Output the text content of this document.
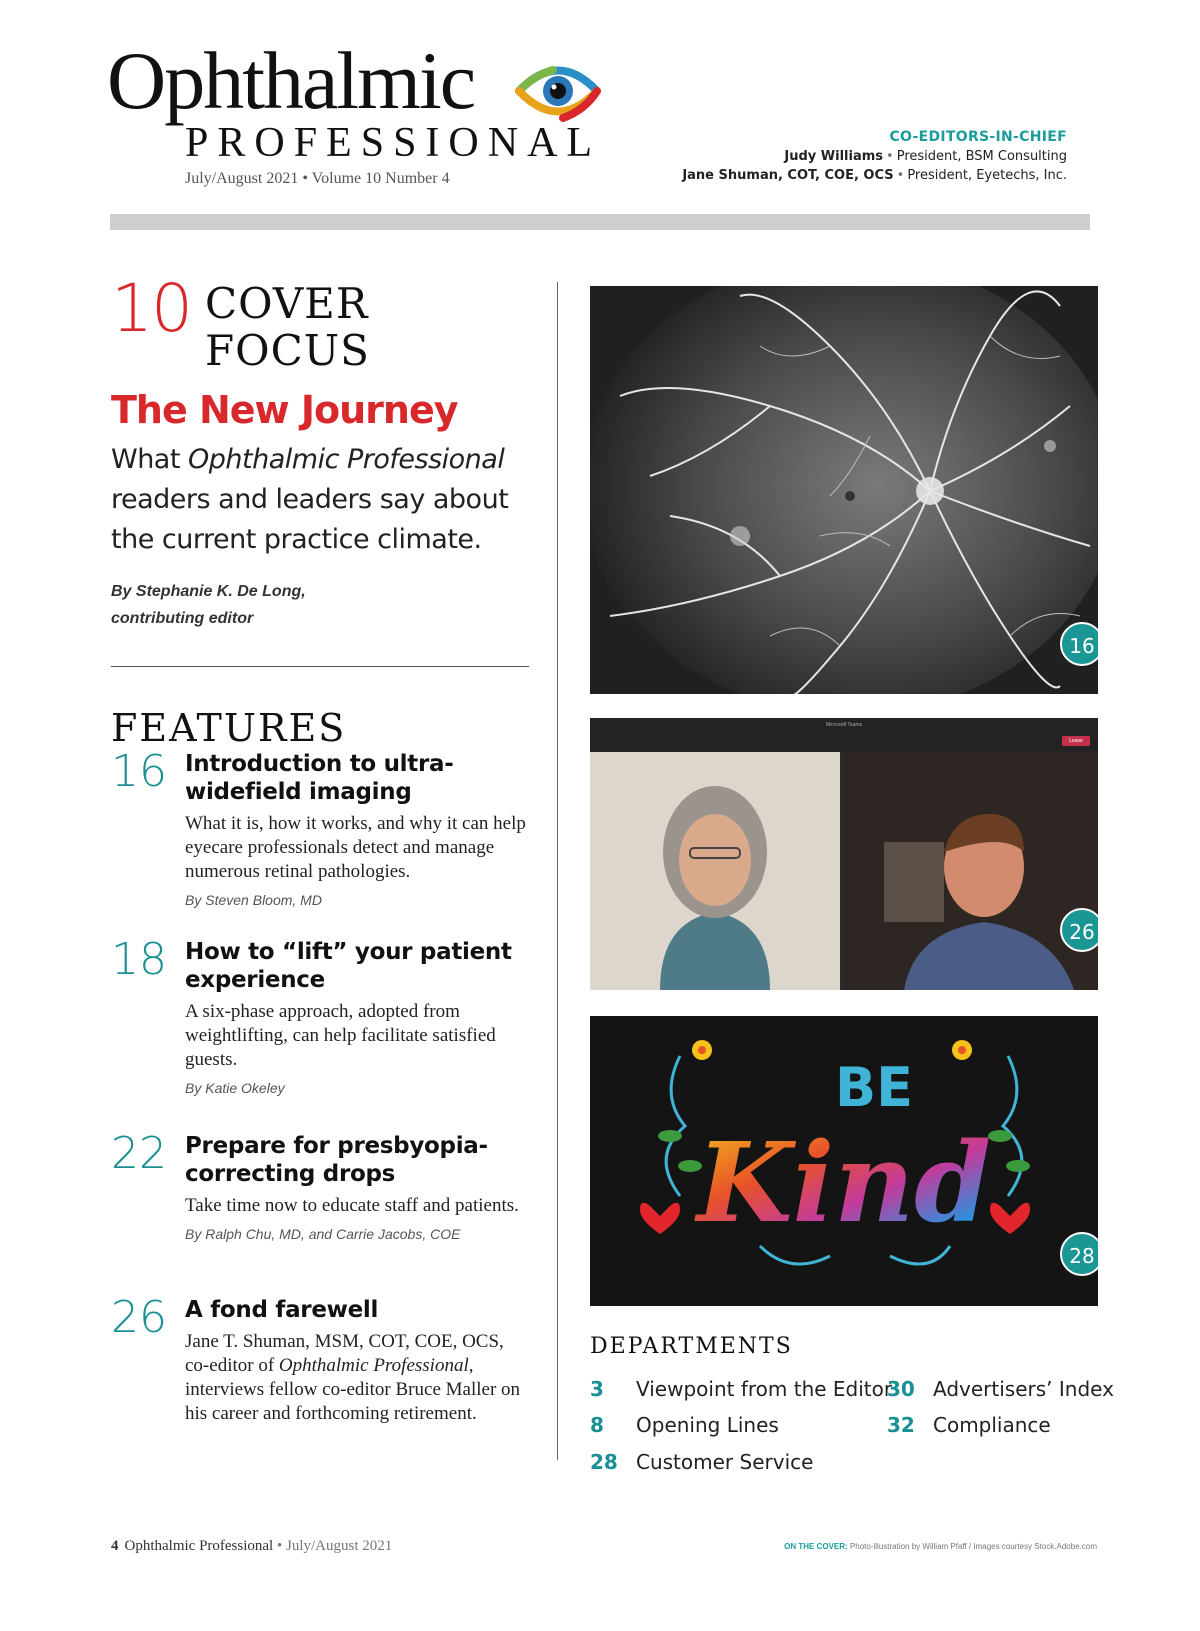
Ophthalmic
PROFESSIONAL
July/August 2021 • Volume 10 Number 4
CO-EDITORS-IN-CHIEF
Judy Williams • President, BSM Consulting
Jane Shuman, COT, COE, OCS • President, Eyetechs, Inc.
10 COVER
FOCUS
The New Journey
What Ophthalmic Professional readers and leaders say about the current practice climate.
By Stephanie K. De Long,
contributing editor
FEATURES
16 Introduction to ultra-widefield imaging
What it is, how it works, and why it can help eyecare professionals detect and manage numerous retinal pathologies.
By Steven Bloom, MD
18 How to “lift” your patient experience
A six-phase approach, adopted from weightlifting, can help facilitate satisfied guests.
By Katie Okeley
22 Prepare for presbyopia-correcting drops
Take time now to educate staff and patients.
By Ralph Chu, MD, and Carrie Jacobs, COE
26 A fond farewell
Jane T. Shuman, MSM, COT, COE, OCS, co-editor of Ophthalmic Professional, interviews fellow co-editor Bruce Maller on his career and forthcoming retirement.
16
Microsoft Teams
Leave
26
BE
Kind
28
DEPARTMENTS
3 Viewpoint from the Editor
8 Opening Lines
28 Customer Service
30 Advertisers’ Index
32 Compliance
4 Ophthalmic Professional • July/August 2021	ON THE COVER: Photo-illustration by William Pfaff / Images courtesy Stock.Adobe.com
